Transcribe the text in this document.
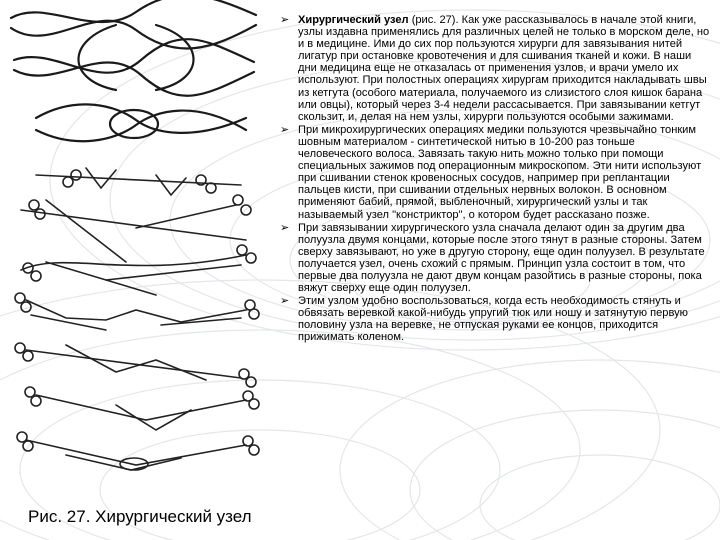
Рис. 27. Хирургический узел
➢ Хирургический узел (рис. 27). Как уже рассказывалось в начале этой книги, узлы издавна применялись для различных целей не только в морском деле, но и в медицине. Ими до сих пор пользуются хирурги для завязывания нитей лигатур при остановке кровотечения и для сшивания тканей и кожи. В наши дни медицина еще не отказалась от применения узлов, и врачи умело их используют. При полостных операциях хирургам приходится накладывать швы из кетгута (особого материала, получаемого из слизистого слоя кишок барана или овцы), который через 3-4 недели рассасывается. При завязывании кетгут скользит, и, делая на нем узлы, хирурги пользуются особыми зажимами.
➢ При микрохирургических операциях медики пользуются чрезвычайно тонким шовным материалом - синтетической нитью в 10-200 раз тоньше человеческого волоса. Завязать такую нить можно только при помощи специальных зажимов под операционным микроскопом. Эти нити используют при сшивании стенок кровеносных сосудов, например при реплантации пальцев кисти, при сшивании отдельных нервных волокон. В основном применяют бабий, прямой, выбленочный, хирургический узлы и так называемый узел "констриктор", о котором будет рассказано позже.
➢ При завязывании хирургического узла сначала делают один за другим два полуузла двумя концами, которые после этого тянут в разные стороны. Затем сверху завязывают, но уже в другую сторону, еще один полуузел. В результате получается узел, очень схожий с прямым. Принцип узла состоит в том, что первые два полуузла не дают двум концам разойтись в разные стороны, пока вяжут сверху еще один полуузел.
➢ Этим узлом удобно воспользоваться, когда есть необходимость стянуть и обвязать веревкой какой-нибудь упругий тюк или ношу и затянутую первую половину узла на веревке, не отпуская руками ее концов, приходится прижимать коленом.
